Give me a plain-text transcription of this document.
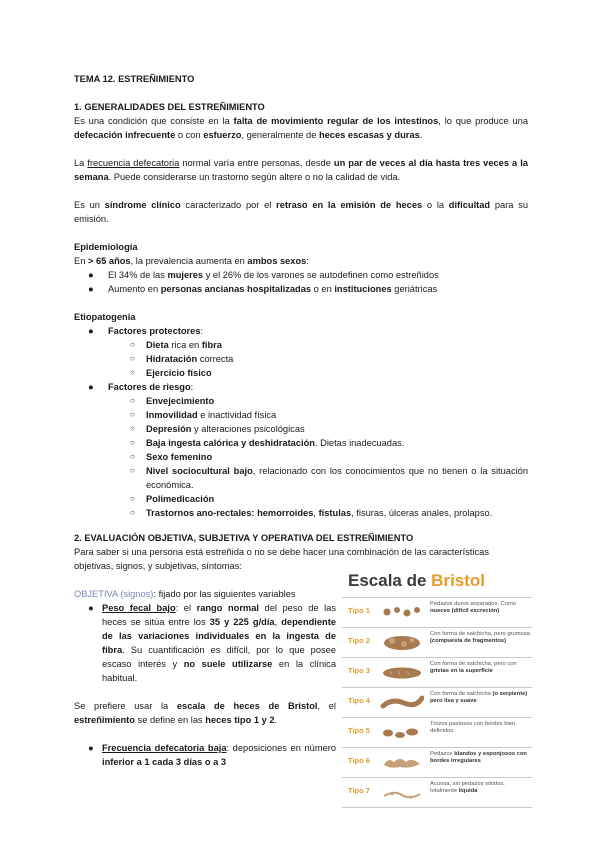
TEMA 12. ESTREÑIMIENTO
1. GENERALIDADES DEL ESTREÑIMIENTO
Es una condición que consiste en la falta de movimiento regular de los intestinos, lo que produce una defecación infrecuente o con esfuerzo, generalmente de heces escasas y duras.
La frecuencia defecatoria normal varía entre personas, desde un par de veces al día hasta tres veces a la semana. Puede considerarse un trastorno según altere o no la calidad de vida.
Es un síndrome clínico caracterizado por el retraso en la emisión de heces o la dificultad para su emisión.
Epidemiología
En > 65 años, la prevalencia aumenta en ambos sexos:
● El 34% de las mujeres y el 26% de los varones se autodefinen como estreñidos
● Aumento en personas ancianas hospitalizadas o en instituciones geriátricas
Etiopatogenia
● Factores protectores:
○ Dieta rica en fibra
○ Hidratación correcta
○ Ejercicio físico
● Factores de riesgo:
○ Envejecimiento
○ Inmovilidad e inactividad física
○ Depresión y alteraciones psicológicas
○ Baja ingesta calórica y deshidratación. Dietas inadecuadas.
○ Sexo femenino
○ Nivel sociocultural bajo, relacionado con los conocimientos que no tienen o la situación económica.
○ Polimedicación
○ Trastornos ano-rectales: hemorroides, fístulas, fisuras, úlceras anales, prolapso.
2. EVALUACIÓN OBJETIVA, SUBJETIVA Y OPERATIVA DEL ESTREÑIMIENTO
Para saber si una persona está estreñida o no se debe hacer una combinación de las características objetivas, signos, y subjetivas, síntomas:
OBJETIVA (signos): fijado por las siguientes variables
● Peso fecal bajo: el rango normal del peso de las heces se sitúa entre los 35 y 225 g/día, dependiente de las variaciones individuales en la ingesta de fibra. Su cuantificación es difícil, por lo que posee escaso interés y no suele utilizarse en la clínica habitual.
Se prefiere usar la escala de heces de Bristol, el estreñimiento se define en las heces tipo 1 y 2.
● Frecuencia defecatoria baja: deposiciones en número inferior a 1 cada 3 días o a 3
Escala de Bristol
Tipo 1
Pedazos duros separados. Como nueces (difícil excreción)
Tipo 2
Con forma de salchicha, pero grumosa (compuesta de fragmentos)
Tipo 3
Con forma de salchicha, pero con grietas en la superficie
Tipo 4
Con forma de salchicha (o serpiente) pero lisa y suave
Tipo 5
Trozos pastosos con bordes bien definidos
Tipo 6
Pedazos blandos y esponjosos con bordes irregulares
Tipo 7
Acuosa, sin pedazos sólidos, totalmente líquida
